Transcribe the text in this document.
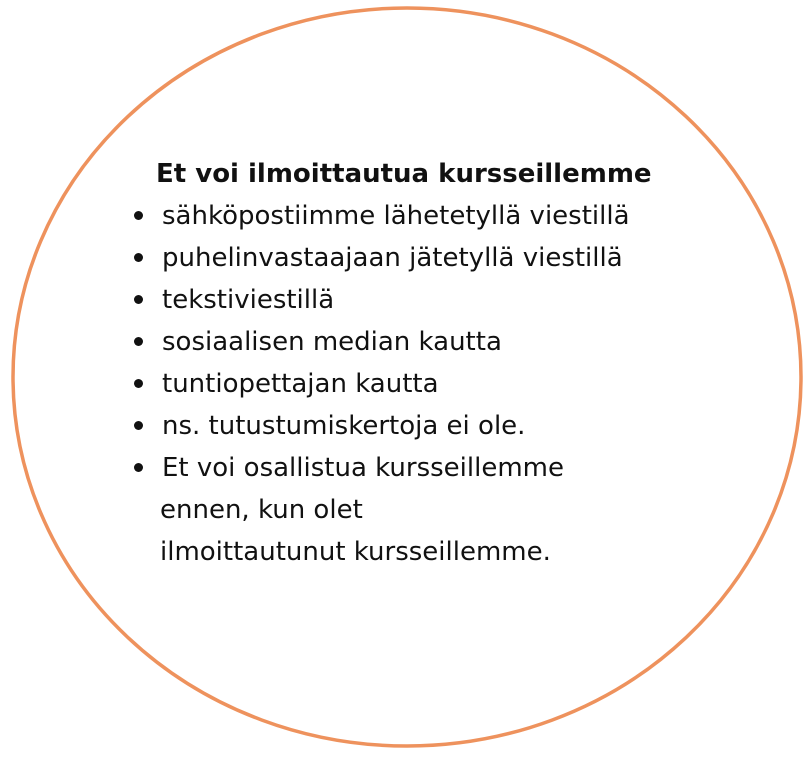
Et voi ilmoittautua kursseillemme
sähköpostiimme lähetetyllä viestillä
puhelinvastaajaan jätetyllä viestillä
tekstiviestillä
sosiaalisen median kautta
tuntiopettajan kautta
ns. tutustumiskertoja ei ole.
Et voi osallistua kursseillemme
ennen, kun olet
ilmoittautunut kursseillemme.
